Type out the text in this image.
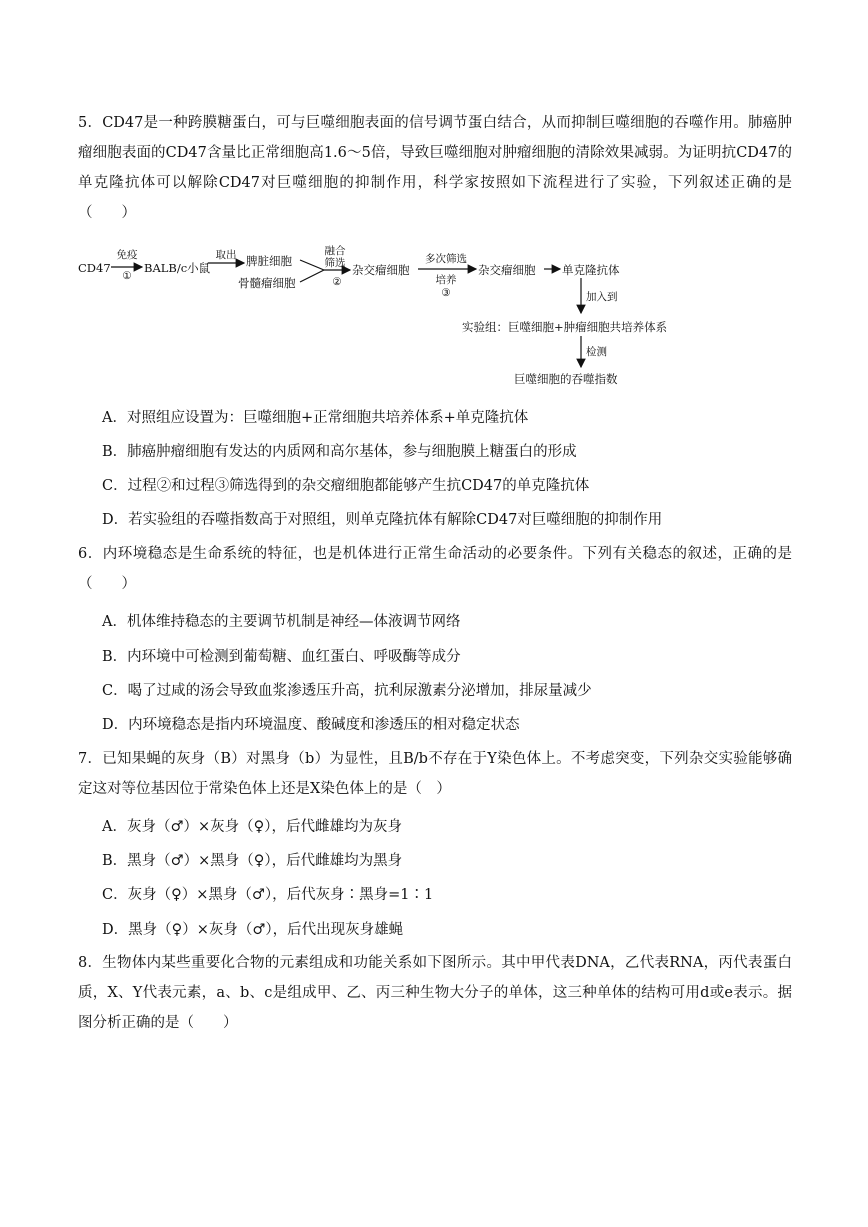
5．CD47是一种跨膜糖蛋白，可与巨噬细胞表面的信号调节蛋白结合，从而抑制巨噬细胞的吞噬作用。肺癌肿瘤细胞表面的CD47含量比正常细胞高1.6～5倍，导致巨噬细胞对肿瘤细胞的清除效果减弱。为证明抗CD47的单克隆抗体可以解除CD47对巨噬细胞的抑制作用，科学家按照如下流程进行了实验，下列叙述正确的是（　　）

CD47
免疫
①
BALB/c小鼠
取出 脾脏细胞
骨髓瘤细胞
融合
筛选
②
杂交瘤细胞
多次筛选
培养
③
杂交瘤细胞 单克隆抗体
加入到
实验组：巨噬细胞+肿瘤细胞共培养体系
检测
巨噬细胞的吞噬指数
A．对照组应设置为：巨噬细胞+正常细胞共培养体系+单克隆抗体
B．肺癌肿瘤细胞有发达的内质网和高尔基体，参与细胞膜上糖蛋白的形成
C．过程②和过程③筛选得到的杂交瘤细胞都能够产生抗CD47的单克隆抗体
D．若实验组的吞噬指数高于对照组，则单克隆抗体有解除CD47对巨噬细胞的抑制作用

6．内环境稳态是生命系统的特征，也是机体进行正常生命活动的必要条件。下列有关稳态的叙述，正确的是（　　）

A．机体维持稳态的主要调节机制是神经—体液调节网络
B．内环境中可检测到葡萄糖、血红蛋白、呼吸酶等成分
C．喝了过咸的汤会导致血浆渗透压升高，抗利尿激素分泌增加，排尿量减少
D．内环境稳态是指内环境温度、酸碱度和渗透压的相对稳定状态

7．已知果蝇的灰身（B）对黑身（b）为显性，且B/b不存在于Y染色体上。不考虑突变，下列杂交实验能够确定这对等位基因位于常染色体上还是X染色体上的是（　）

A．灰身（♂）×灰身（♀），后代雌雄均为灰身
B．黑身（♂）×黑身（♀），后代雌雄均为黑身
C．灰身（♀）×黑身（♂），后代灰身∶黑身=1∶1
D．黑身（♀）×灰身（♂），后代出现灰身雄蝇

8．生物体内某些重要化合物的元素组成和功能关系如下图所示。其中甲代表DNA，乙代表RNA，丙代表蛋白质，X、Y代表元素，a、b、c是组成甲、乙、丙三种生物大分子的单体，这三种单体的结构可用d或e表示。据图分析正确的是（　　）
